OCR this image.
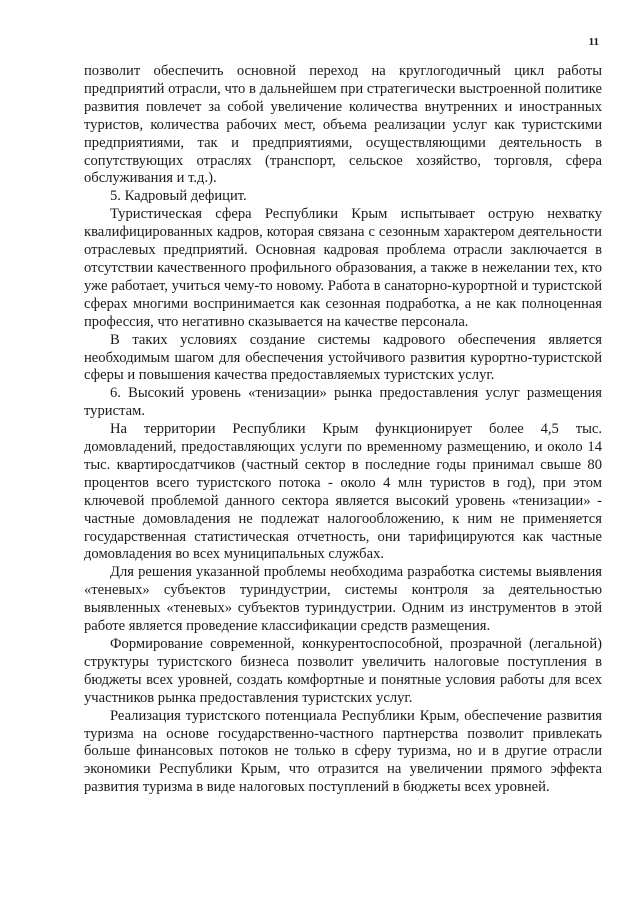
11

позволит обеспечить основной переход на круглогодичный цикл работы предприятий отрасли, что в дальнейшем при стратегически выстроенной политике развития повлечет за собой увеличение количества внутренних и иностранных туристов, количества рабочих мест, объема реализации услуг как туристскими предприятиями, так и предприятиями, осуществляющими деятельность в сопутствующих отраслях (транспорт, сельское хозяйство, торговля, сфера обслуживания и т.д.).

5. Кадровый дефицит.

Туристическая сфера Республики Крым испытывает острую нехватку квалифицированных кадров, которая связана с сезонным характером деятельности отраслевых предприятий. Основная кадровая проблема отрасли заключается в отсутствии качественного профильного образования, а также в нежелании тех, кто уже работает, учиться чему-то новому. Работа в санаторно-курортной и туристской сферах многими воспринимается как сезонная подработка, а не как полноценная профессия, что негативно сказывается на качестве персонала.

В таких условиях создание системы кадрового обеспечения является необходимым шагом для обеспечения устойчивого развития курортно-туристской сферы и повышения качества предоставляемых туристских услуг.

6. Высокий уровень «тенизации» рынка предоставления услуг размещения туристам.

На территории Республики Крым функционирует более 4,5 тыс. домовладений, предоставляющих услуги по временному размещению, и около 14 тыс. квартиросдатчиков (частный сектор в последние годы принимал свыше 80 процентов всего туристского потока - около 4 млн туристов в год), при этом ключевой проблемой данного сектора является высокий уровень «тенизации» - частные домовладения не подлежат налогообложению, к ним не применяется государственная статистическая отчетность, они тарифицируются как частные домовладения во всех муниципальных службах.

Для решения указанной проблемы необходима разработка системы выявления «теневых» субъектов туриндустрии, системы контроля за деятельностью выявленных «теневых» субъектов туриндустрии. Одним из инструментов в этой работе является проведение классификации средств размещения.

Формирование современной, конкурентоспособной, прозрачной (легальной) структуры туристского бизнеса позволит увеличить налоговые поступления в бюджеты всех уровней, создать комфортные и понятные условия работы для всех участников рынка предоставления туристских услуг.

Реализация туристского потенциала Республики Крым, обеспечение развития туризма на основе государственно-частного партнерства позволит привлекать больше финансовых потоков не только в сферу туризма, но и в другие отрасли экономики Республики Крым, что отразится на увеличении прямого эффекта развития туризма в виде налоговых поступлений в бюджеты всех уровней.
